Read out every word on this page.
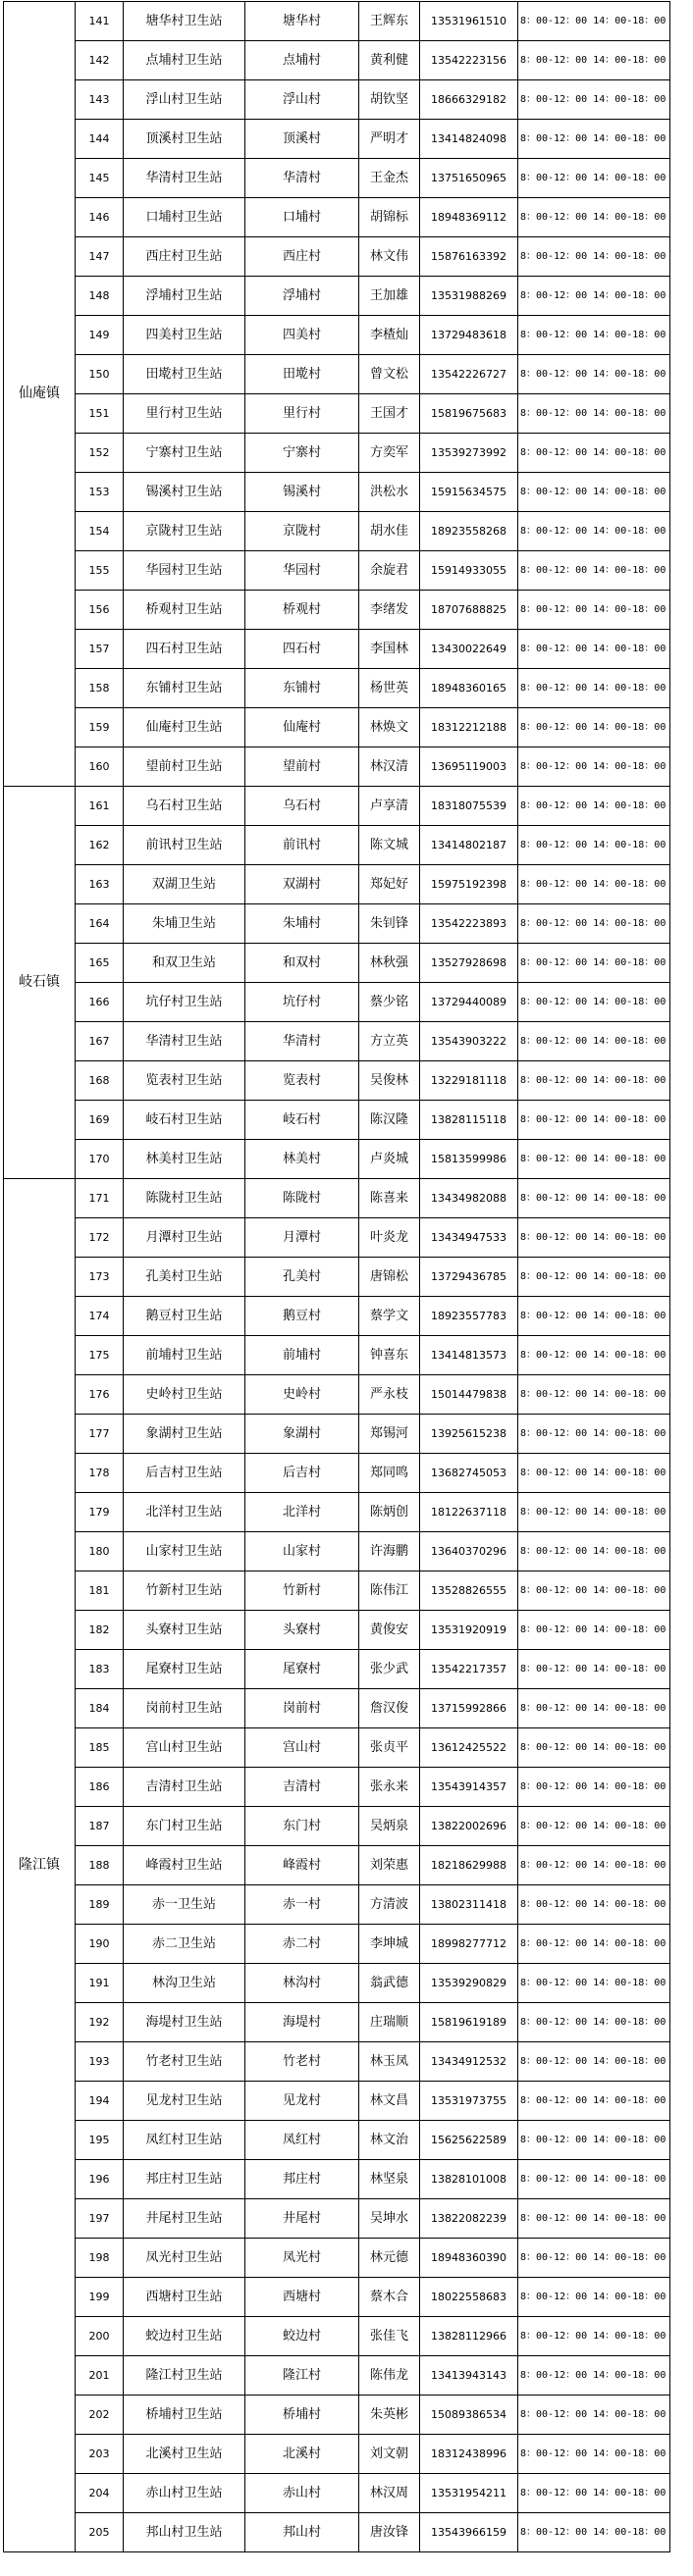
仙庵镇	141	塘华村卫生站	塘华村	王辉东	13531961510	8：00-12：00 14：00-18：00
	142	点埔村卫生站	点埔村	黄利健	13542223156	8：00-12：00 14：00-18：00
	143	浮山村卫生站	浮山村	胡钦坚	18666329182	8：00-12：00 14：00-18：00
	144	顶溪村卫生站	顶溪村	严明才	13414824098	8：00-12：00 14：00-18：00
	145	华清村卫生站	华清村	王金杰	13751650965	8：00-12：00 14：00-18：00
	146	口埔村卫生站	口埔村	胡锦标	18948369112	8：00-12：00 14：00-18：00
	147	西庄村卫生站	西庄村	林文伟	15876163392	8：00-12：00 14：00-18：00
	148	浮埔村卫生站	浮埔村	王加雄	13531988269	8：00-12：00 14：00-18：00
	149	四美村卫生站	四美村	李楂灿	13729483618	8：00-12：00 14：00-18：00
	150	田墘村卫生站	田墘村	曾文松	13542226727	8：00-12：00 14：00-18：00
	151	里行村卫生站	里行村	王国才	15819675683	8：00-12：00 14：00-18：00
	152	宁寨村卫生站	宁寨村	方奕军	13539273992	8：00-12：00 14：00-18：00
	153	锡溪村卫生站	锡溪村	洪松水	15915634575	8：00-12：00 14：00-18：00
	154	京陇村卫生站	京陇村	胡水佳	18923558268	8：00-12：00 14：00-18：00
	155	华园村卫生站	华园村	余旋君	15914933055	8：00-12：00 14：00-18：00
	156	桥观村卫生站	桥观村	李绪发	18707688825	8：00-12：00 14：00-18：00
	157	四石村卫生站	四石村	李国林	13430022649	8：00-12：00 14：00-18：00
	158	东铺村卫生站	东铺村	杨世英	18948360165	8：00-12：00 14：00-18：00
	159	仙庵村卫生站	仙庵村	林焕文	18312212188	8：00-12：00 14：00-18：00
	160	望前村卫生站	望前村	林汉清	13695119003	8：00-12：00 14：00-18：00
岐石镇	161	乌石村卫生站	乌石村	卢享清	18318075539	8：00-12：00 14：00-18：00
	162	前讯村卫生站	前讯村	陈文城	13414802187	8：00-12：00 14：00-18：00
	163	双湖卫生站	双湖村	郑妃好	15975192398	8：00-12：00 14：00-18：00
	164	朱埔卫生站	朱埔村	朱钊锋	13542223893	8：00-12：00 14：00-18：00
	165	和双卫生站	和双村	林秋强	13527928698	8：00-12：00 14：00-18：00
	166	坑仔村卫生站	坑仔村	蔡少铭	13729440089	8：00-12：00 14：00-18：00
	167	华清村卫生站	华清村	方立英	13543903222	8：00-12：00 14：00-18：00
	168	览表村卫生站	览表村	吴俊林	13229181118	8：00-12：00 14：00-18：00
	169	岐石村卫生站	岐石村	陈汉隆	13828115118	8：00-12：00 14：00-18：00
	170	林美村卫生站	林美村	卢炎城	15813599986	8：00-12：00 14：00-18：00
隆江镇	171	陈陇村卫生站	陈陇村	陈喜来	13434982088	8：00-12：00 14：00-18：00
	172	月潭村卫生站	月潭村	叶炎龙	13434947533	8：00-12：00 14：00-18：00
	173	孔美村卫生站	孔美村	唐锦松	13729436785	8：00-12：00 14：00-18：00
	174	鹅豆村卫生站	鹅豆村	蔡学文	18923557783	8：00-12：00 14：00-18：00
	175	前埔村卫生站	前埔村	钟喜东	13414813573	8：00-12：00 14：00-18：00
	176	史岭村卫生站	史岭村	严永枝	15014479838	8：00-12：00 14：00-18：00
	177	象湖村卫生站	象湖村	郑锡河	13925615238	8：00-12：00 14：00-18：00
	178	后吉村卫生站	后吉村	郑同鸣	13682745053	8：00-12：00 14：00-18：00
	179	北洋村卫生站	北洋村	陈炳创	18122637118	8：00-12：00 14：00-18：00
	180	山家村卫生站	山家村	许海鹏	13640370296	8：00-12：00 14：00-18：00
	181	竹新村卫生站	竹新村	陈伟江	13528826555	8：00-12：00 14：00-18：00
	182	头寮村卫生站	头寮村	黄俊安	13531920919	8：00-12：00 14：00-18：00
	183	尾寮村卫生站	尾寮村	张少武	13542217357	8：00-12：00 14：00-18：00
	184	岗前村卫生站	岗前村	詹汉俊	13715992866	8：00-12：00 14：00-18：00
	185	宫山村卫生站	宫山村	张贞平	13612425522	8：00-12：00 14：00-18：00
	186	吉清村卫生站	吉清村	张永来	13543914357	8：00-12：00 14：00-18：00
	187	东门村卫生站	东门村	吴炳泉	13822002696	8：00-12：00 14：00-18：00
	188	峰霞村卫生站	峰霞村	刘荣惠	18218629988	8：00-12：00 14：00-18：00
	189	赤一卫生站	赤一村	方清波	13802311418	8：00-12：00 14：00-18：00
	190	赤二卫生站	赤二村	李坤城	18998277712	8：00-12：00 14：00-18：00
	191	林沟卫生站	林沟村	翁武德	13539290829	8：00-12：00 14：00-18：00
	192	海堤村卫生站	海堤村	庄瑞顺	15819619189	8：00-12：00 14：00-18：00
	193	竹老村卫生站	竹老村	林玉凤	13434912532	8：00-12：00 14：00-18：00
	194	见龙村卫生站	见龙村	林文昌	13531973755	8：00-12：00 14：00-18：00
	195	凤红村卫生站	凤红村	林文治	15625622589	8：00-12：00 14：00-18：00
	196	邦庄村卫生站	邦庄村	林坚泉	13828101008	8：00-12：00 14：00-18：00
	197	井尾村卫生站	井尾村	吴坤水	13822082239	8：00-12：00 14：00-18：00
	198	凤光村卫生站	凤光村	林元德	18948360390	8：00-12：00 14：00-18：00
	199	西塘村卫生站	西塘村	蔡木合	18022558683	8：00-12：00 14：00-18：00
	200	蛟边村卫生站	蛟边村	张佳飞	13828112966	8：00-12：00 14：00-18：00
	201	隆江村卫生站	隆江村	陈伟龙	13413943143	8：00-12：00 14：00-18：00
	202	桥埔村卫生站	桥埔村	朱英彬	15089386534	8：00-12：00 14：00-18：00
	203	北溪村卫生站	北溪村	刘文朝	18312438996	8：00-12：00 14：00-18：00
	204	赤山村卫生站	赤山村	林汉周	13531954211	8：00-12：00 14：00-18：00
	205	邦山村卫生站	邦山村	唐汝锋	13543966159	8：00-12：00 14：00-18：00
